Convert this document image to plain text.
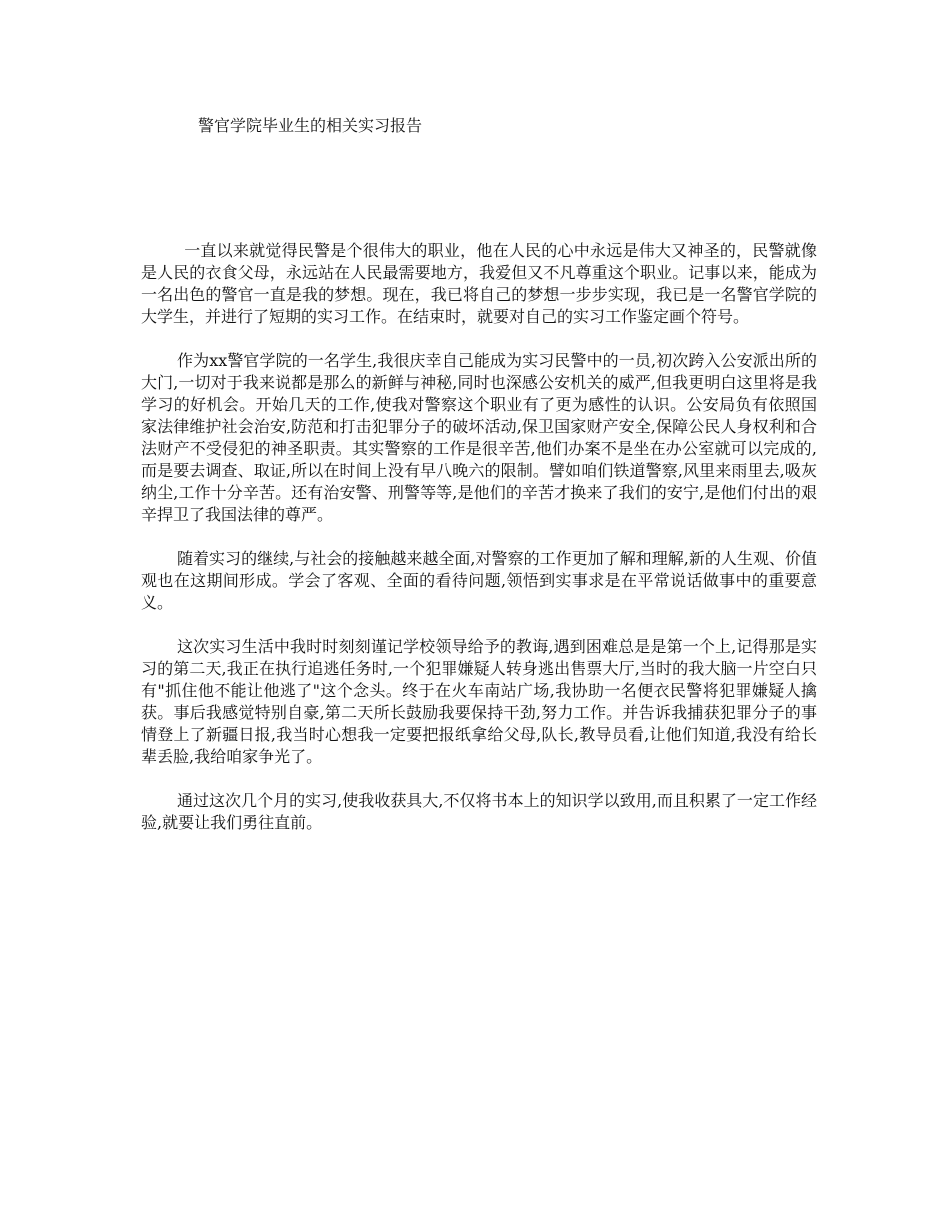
警官学院毕业生的相关实习报告

一直以来就觉得民警是个很伟大的职业，他在人民的心中永远是伟大又神圣的，民警就像是人民的衣食父母，永远站在人民最需要地方，我爱但又不凡尊重这个职业。记事以来，能成为一名出色的警官一直是我的梦想。现在，我已将自己的梦想一步步实现，我已是一名警官学院的大学生，并进行了短期的实习工作。在结束时，就要对自己的实习工作鉴定画个符号。

作为xx警官学院的一名学生,我很庆幸自己能成为实习民警中的一员,初次跨入公安派出所的大门,一切对于我来说都是那么的新鲜与神秘,同时也深感公安机关的威严,但我更明白这里将是我学习的好机会。开始几天的工作,使我对警察这个职业有了更为感性的认识。公安局负有依照国家法律维护社会治安,防范和打击犯罪分子的破坏活动,保卫国家财产安全,保障公民人身权利和合法财产不受侵犯的神圣职责。其实警察的工作是很辛苦,他们办案不是坐在办公室就可以完成的,而是要去调查、取证,所以在时间上没有早八晚六的限制。譬如咱们铁道警察,风里来雨里去,吸灰纳尘,工作十分辛苦。还有治安警、刑警等等,是他们的辛苦才换来了我们的安宁,是他们付出的艰辛捍卫了我国法律的尊严。

随着实习的继续,与社会的接触越来越全面,对警察的工作更加了解和理解,新的人生观、价值观也在这期间形成。学会了客观、全面的看待问题,领悟到实事求是在平常说话做事中的重要意义。

这次实习生活中我时时刻刻谨记学校领导给予的教诲,遇到困难总是是第一个上,记得那是实习的第二天,我正在执行追逃任务时,一个犯罪嫌疑人转身逃出售票大厅,当时的我大脑一片空白只有"抓住他不能让他逃了"这个念头。终于在火车南站广场,我协助一名便衣民警将犯罪嫌疑人擒获。事后我感觉特别自豪,第二天所长鼓励我要保持干劲,努力工作。并告诉我捕获犯罪分子的事情登上了新疆日报,我当时心想我一定要把报纸拿给父母,队长,教导员看,让他们知道,我没有给长辈丢脸,我给咱家争光了。

通过这次几个月的实习,使我收获具大,不仅将书本上的知识学以致用,而且积累了一定工作经验,就要让我们勇往直前。
